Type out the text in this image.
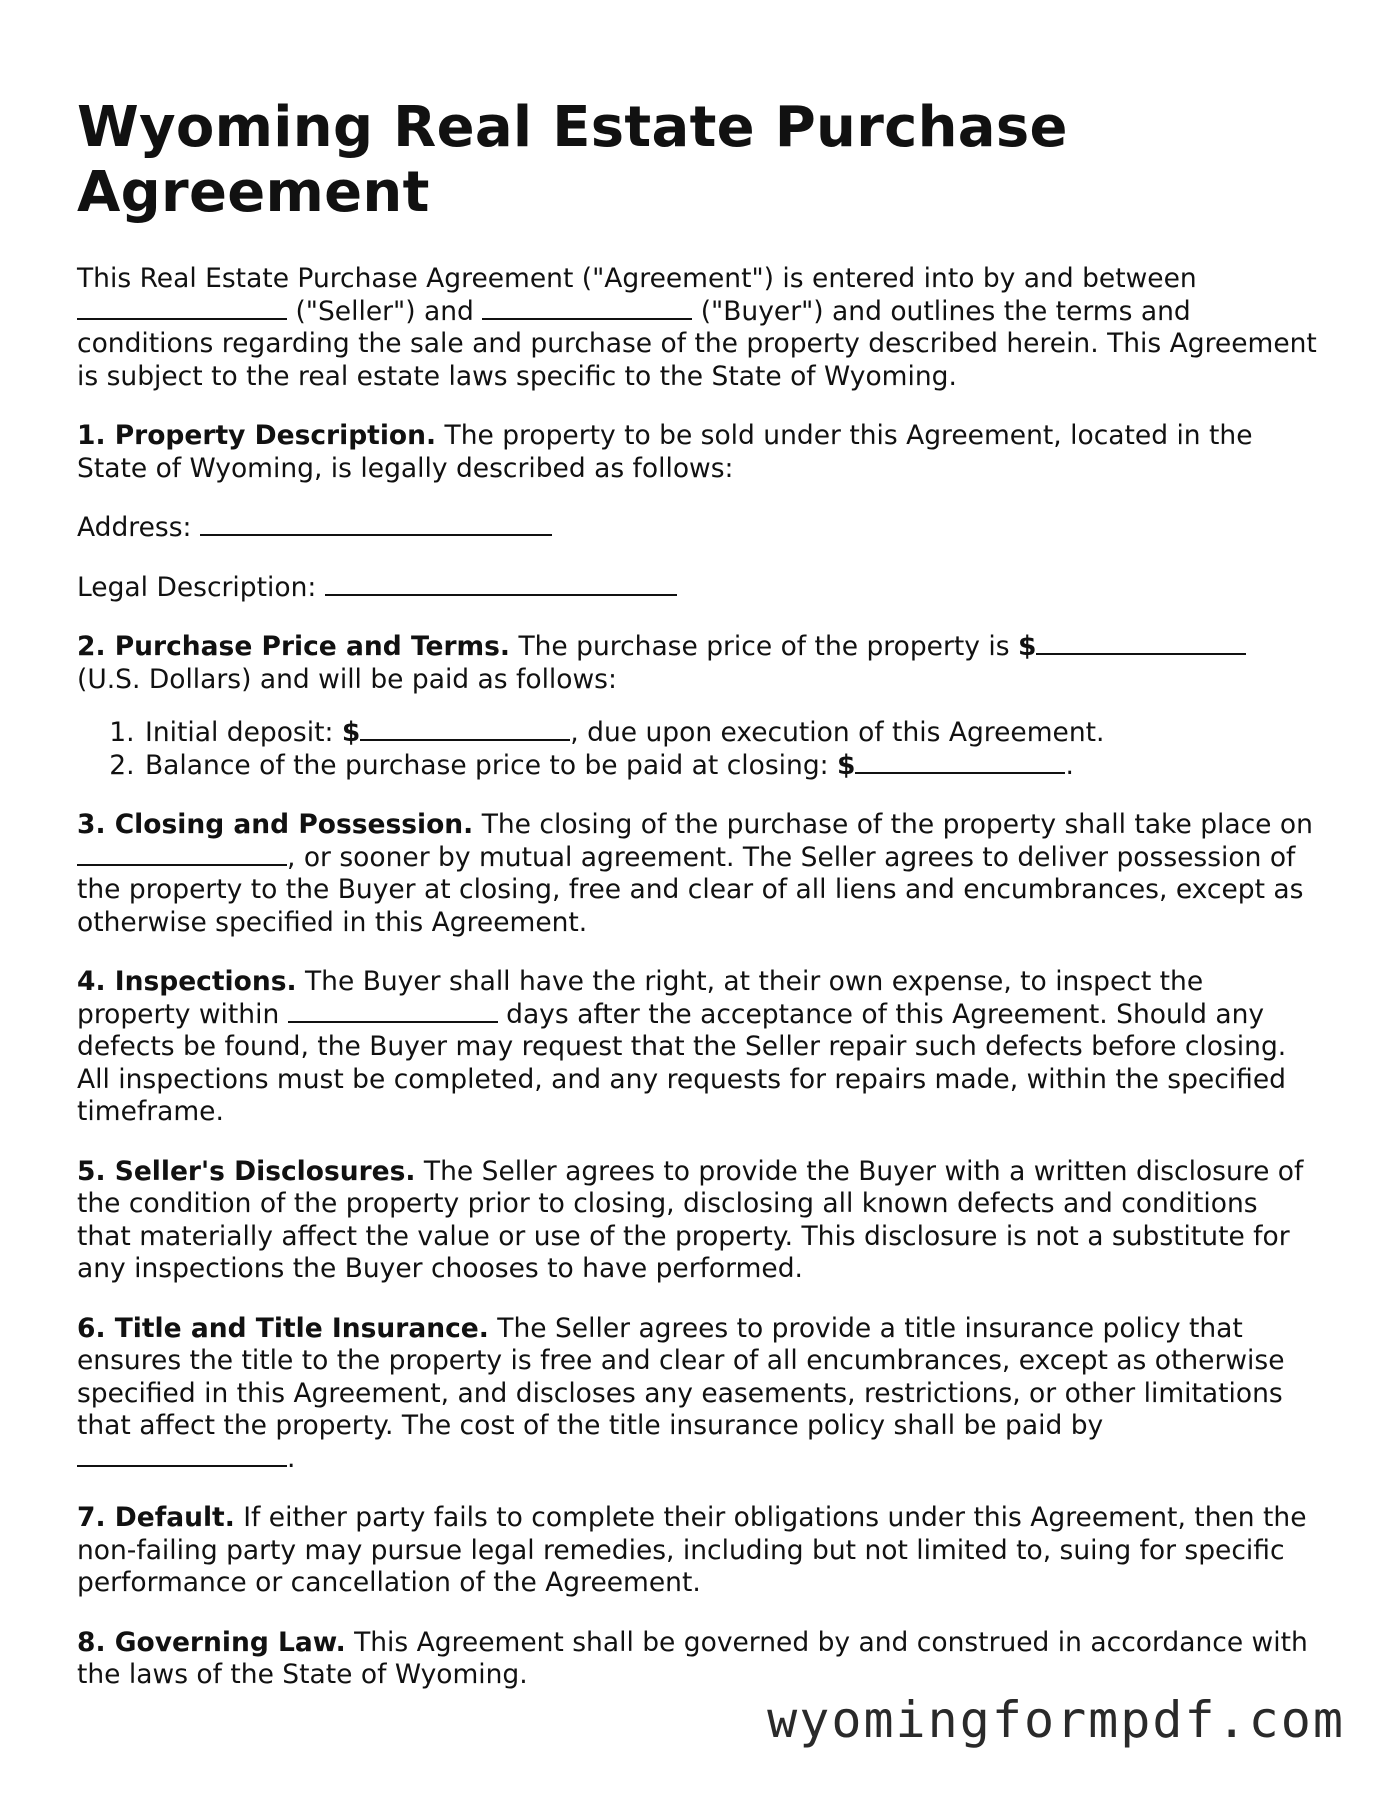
Wyoming Real Estate Purchase Agreement

This Real Estate Purchase Agreement ("Agreement") is entered into by and between  ("Seller") and	("Buyer") and outlines the terms and conditions regarding the sale and purchase of the property described herein. This Agreement is subject to the real estate laws specific to the State of Wyoming.

1. Property Description. The property to be sold under this Agreement, located in the State of Wyoming, is legally described as follows:

Address:

Legal Description:

2. Purchase Price and Terms. The purchase price of the property is $ (U.S. Dollars) and will be paid as follows:

1. Initial deposit: $	, due upon execution of this Agreement.
2. Balance of the purchase price to be paid at closing: $	.

3. Closing and Possession. The closing of the purchase of the property shall take place on , or sooner by mutual agreement. The Seller agrees to deliver possession of the property to the Buyer at closing, free and clear of all liens and encumbrances, except as otherwise specified in this Agreement.

4. Inspections. The Buyer shall have the right, at their own expense, to inspect the property within	days after the acceptance of this Agreement. Should any defects be found, the Buyer may request that the Seller repair such defects before closing. All inspections must be completed, and any requests for repairs made, within the specified timeframe.

5. Seller's Disclosures. The Seller agrees to provide the Buyer with a written disclosure of the condition of the property prior to closing, disclosing all known defects and conditions that materially affect the value or use of the property. This disclosure is not a substitute for any inspections the Buyer chooses to have performed.

6. Title and Title Insurance. The Seller agrees to provide a title insurance policy that ensures the title to the property is free and clear of all encumbrances, except as otherwise specified in this Agreement, and discloses any easements, restrictions, or other limitations that affect the property. The cost of the title insurance policy shall be paid by .

7. Default. If either party fails to complete their obligations under this Agreement, then the non-failing party may pursue legal remedies, including but not limited to, suing for specific performance or cancellation of the Agreement.

8. Governing Law. This Agreement shall be governed by and construed in accordance with the laws of the State of Wyoming.

wyomingformpdf.com
